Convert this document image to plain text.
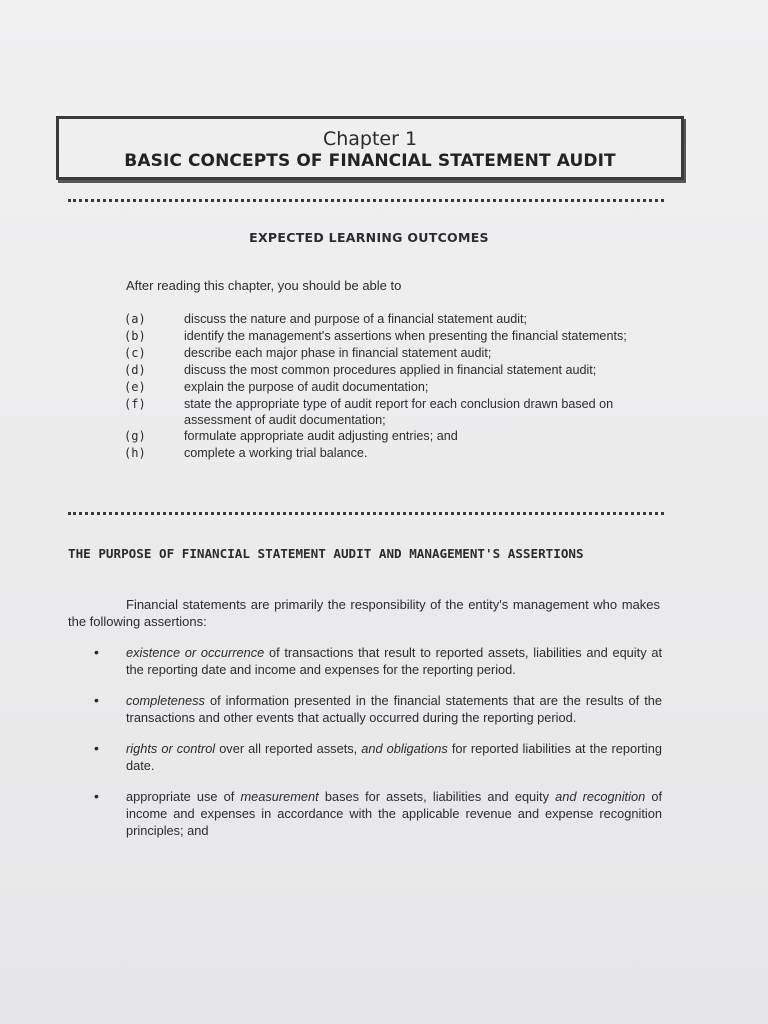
Chapter 1
BASIC CONCEPTS OF FINANCIAL STATEMENT AUDIT
EXPECTED LEARNING OUTCOMES
After reading this chapter, you should be able to
(a)	discuss the nature and purpose of a financial statement audit;
(b)	identify the management's assertions when presenting the financial statements;
(c)	describe each major phase in financial statement audit;
(d)	discuss the most common procedures applied in financial statement audit;
(e)	explain the purpose of audit documentation;
(f)	state the appropriate type of audit report for each conclusion drawn based on assessment of audit documentation;
(g)	formulate appropriate audit adjusting entries; and
(h)	complete a working trial balance.
THE PURPOSE OF FINANCIAL STATEMENT AUDIT AND MANAGEMENT'S ASSERTIONS
Financial statements are primarily the responsibility of the entity's management who makes the following assertions:
•	existence or occurrence of transactions that result to reported assets, liabilities and equity at the reporting date and income and expenses for the reporting period.
•	completeness of information presented in the financial statements that are the results of the transactions and other events that actually occurred during the reporting period.
•	rights or control over all reported assets, and obligations for reported liabilities at the reporting date.
•	appropriate use of measurement bases for assets, liabilities and equity and recognition of income and expenses in accordance with the applicable revenue and expense recognition principles; and
